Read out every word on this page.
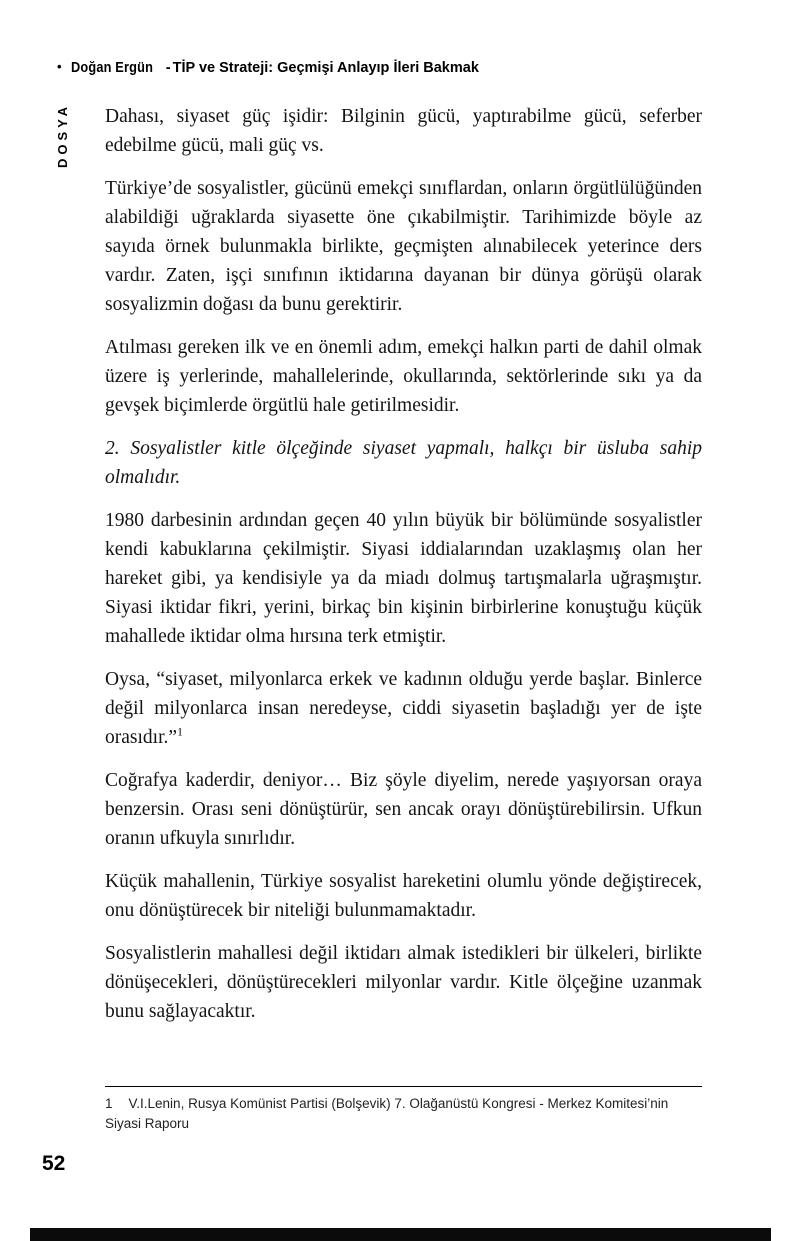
• Doğan Ergün - TİP ve Strateji: Geçmişi Anlayıp İleri Bakmak
DOSYA Dahası, siyaset güç işidir: Bilginin gücü, yaptırabilme gücü, seferber edebilme gücü, mali güç vs.

Türkiye’de sosyalistler, gücünü emekçi sınıflardan, onların örgütlülüğünden alabildiği uğraklarda siyasette öne çıkabilmiştir. Tarihimizde böyle az sayıda örnek bulunmakla birlikte, geçmişten alınabilecek yeterince ders vardır. Zaten, işçi sınıfının iktidarına dayanan bir dünya görüşü olarak sosyalizmin doğası da bunu gerektirir.

Atılması gereken ilk ve en önemli adım, emekçi halkın parti de dahil olmak üzere iş yerlerinde, mahallelerinde, okullarında, sektörlerinde sıkı ya da gevşek biçimlerde örgütlü hale getirilmesidir.

2. Sosyalistler kitle ölçeğinde siyaset yapmalı, halkçı bir üsluba sahip olmalıdır.

1980 darbesinin ardından geçen 40 yılın büyük bir bölümünde sosyalistler kendi kabuklarına çekilmiştir. Siyasi iddialarından uzaklaşmış olan her hareket gibi, ya kendisiyle ya da miadı dolmuş tartışmalarla uğraşmıştır. Siyasi iktidar fikri, yerini, birkaç bin kişinin birbirlerine konuştuğu küçük mahallede iktidar olma hırsına terk etmiştir.

Oysa, “siyaset, milyonlarca erkek ve kadının olduğu yerde başlar. Binlerce değil milyonlarca insan neredeyse, ciddi siyasetin başladığı yer de işte orasıdır.”$^1$

Coğrafya kaderdir, deniyor… Biz şöyle diyelim, nerede yaşıyorsan oraya benzersin. Orası seni dönüştürür, sen ancak orayı dönüştürebilirsin. Ufkun oranın ufkuyla sınırlıdır.

Küçük mahallenin, Türkiye sosyalist hareketini olumlu yönde değiştirecek, onu dönüştürecek bir niteliği bulunmamaktadır.

Sosyalistlerin mahallesi değil iktidarı almak istedikleri bir ülkeleri, birlikte dönüşecekleri, dönüştürecekleri milyonlar vardır. Kitle ölçeğine uzanmak bunu sağlayacaktır.

1 V.I.Lenin, Rusya Komünist Partisi (Bolşevik) 7. Olağanüstü Kongresi - Merkez Komitesi’nin Siyasi Raporu
52
